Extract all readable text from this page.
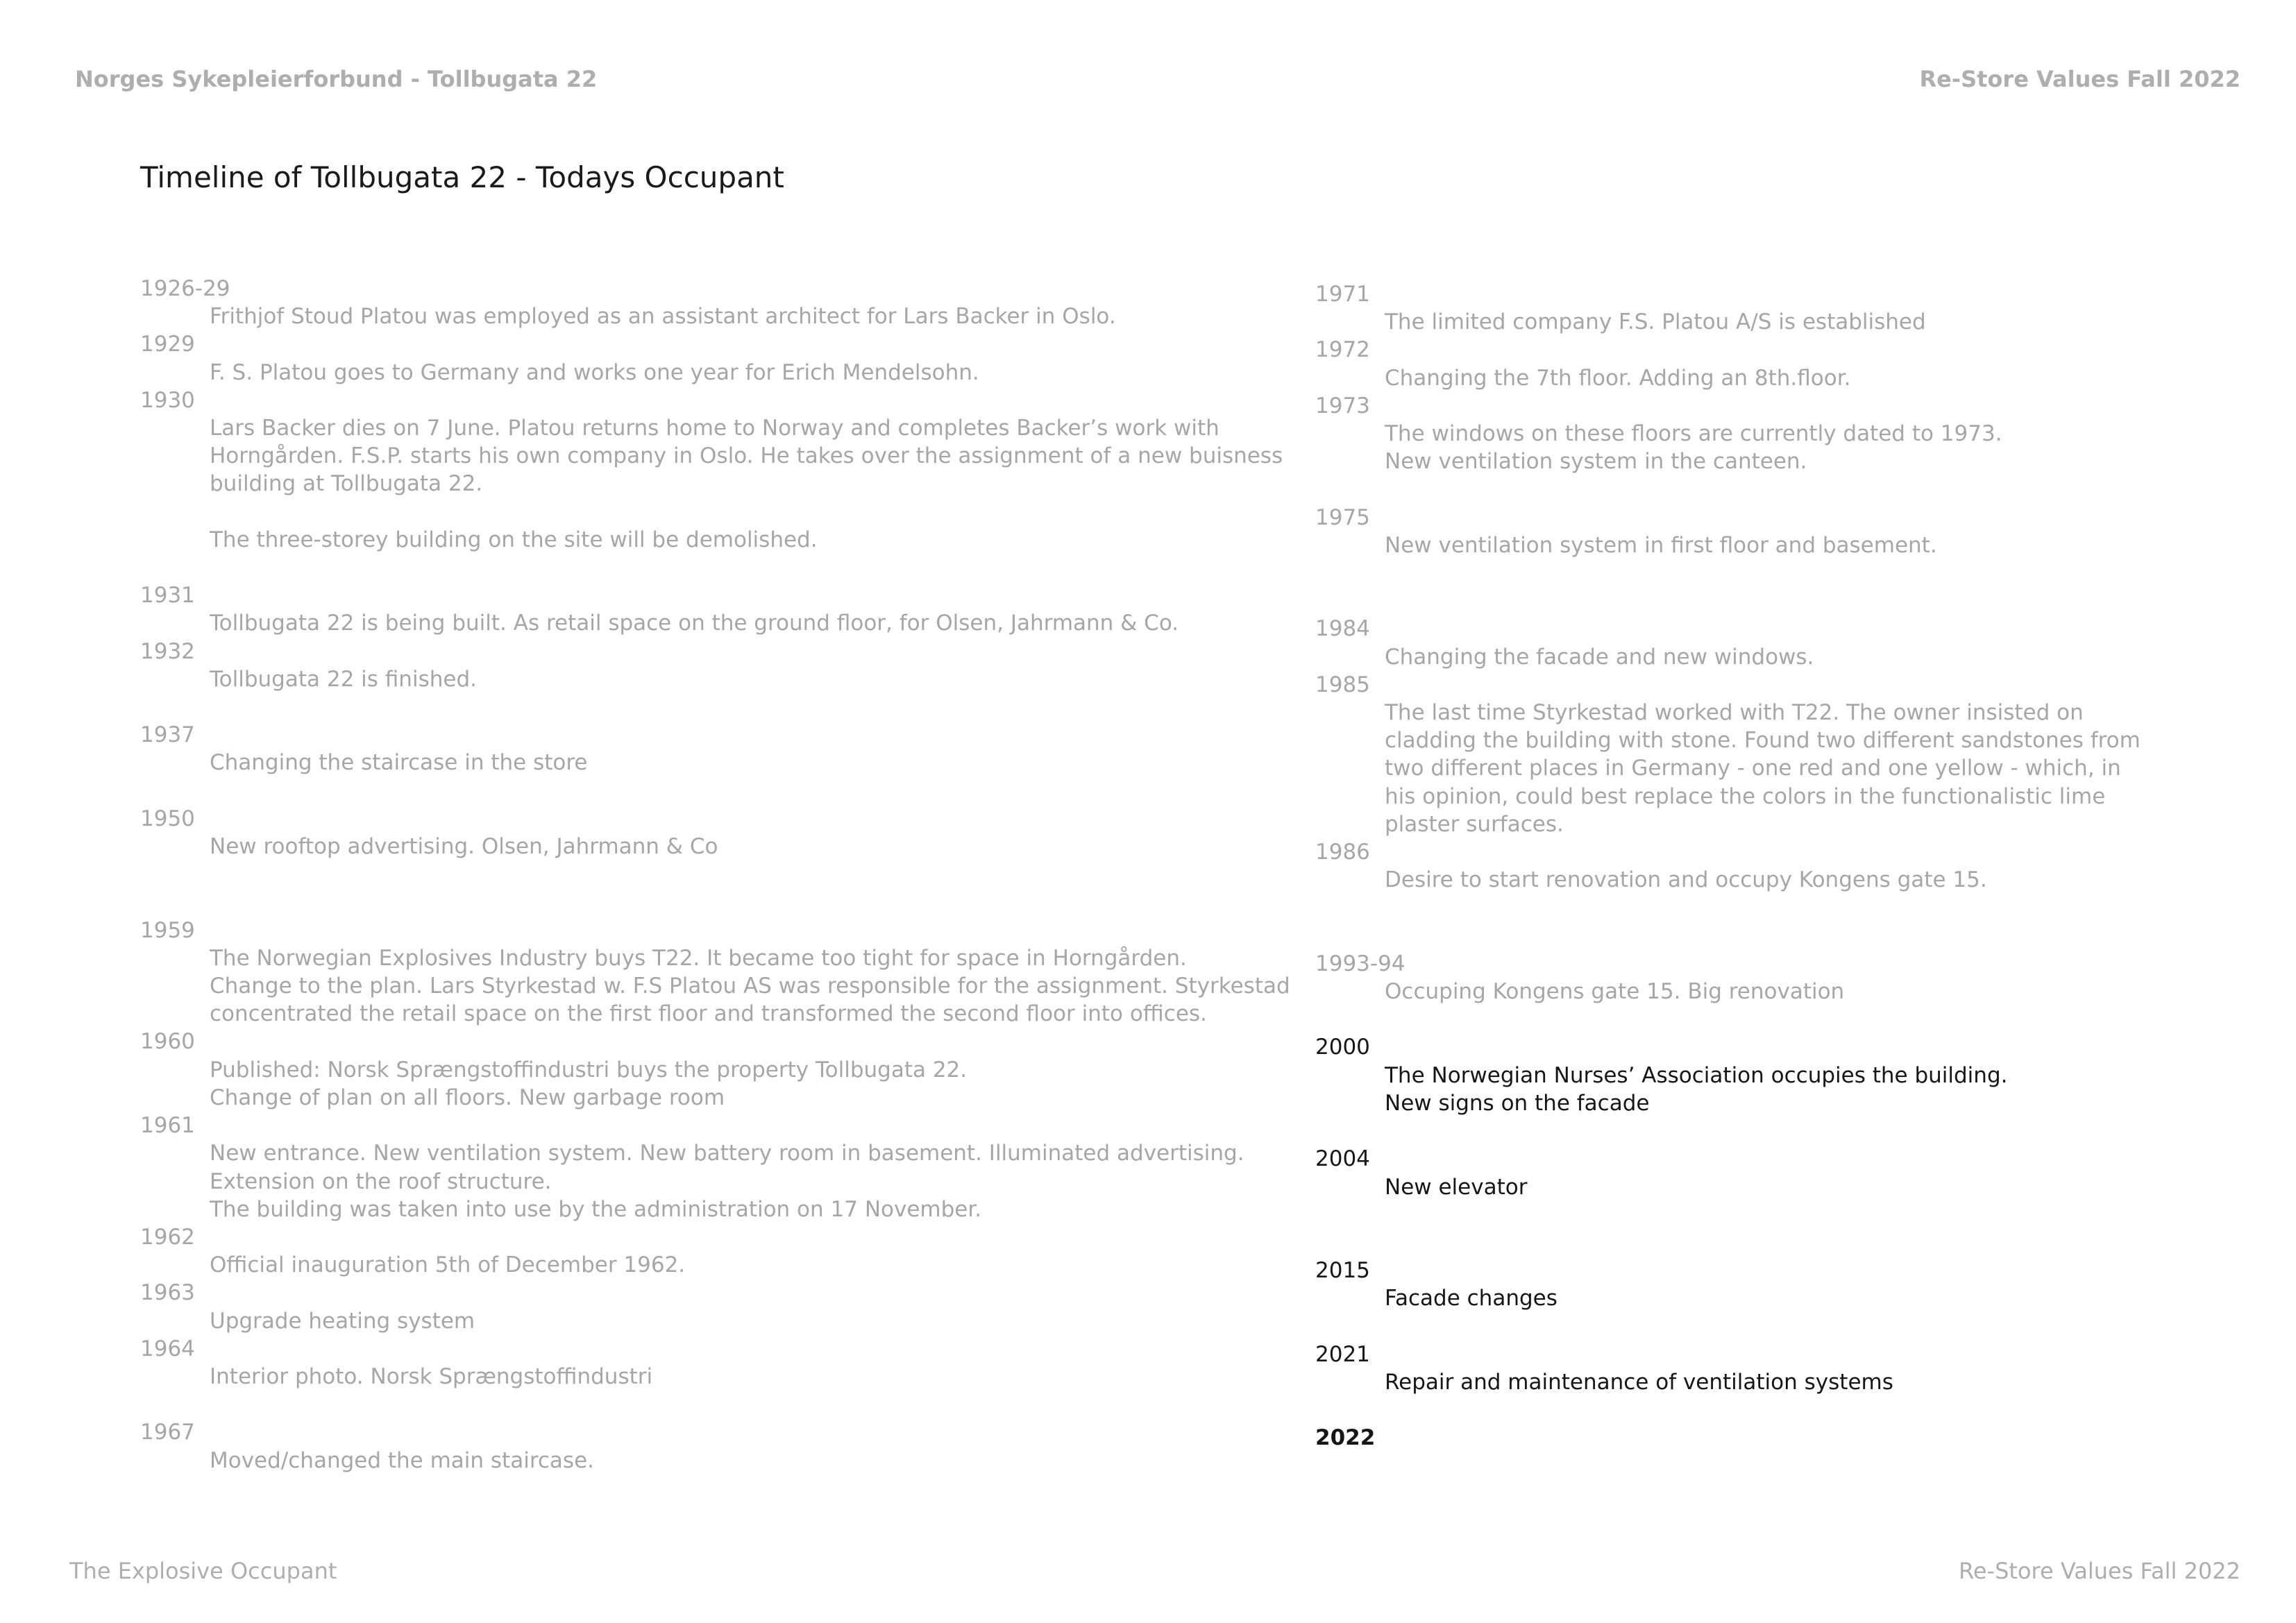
Norges Sykepleierforbund - Tollbugata 22	Re-Store Values Fall 2022
Timeline of Tollbugata 22 - Todays Occupant
1926-29
Frithjof Stoud Platou was employed as an assistant architect for Lars Backer in Oslo.
1929
F. S. Platou goes to Germany and works one year for Erich Mendelsohn.
1930
Lars Backer dies on 7 June. Platou returns home to Norway and completes Backer’s work with
Horngården. F.S.P. starts his own company in Oslo. He takes over the assignment of a new buisness
building at Tollbugata 22.

The three-storey building on the site will be demolished.

1931
Tollbugata 22 is being built. As retail space on the ground floor, for Olsen, Jahrmann & Co.
1932
Tollbugata 22 is finished.

1937
Changing the staircase in the store

1950
New rooftop advertising. Olsen, Jahrmann & Co

1959
The Norwegian Explosives Industry buys T22. It became too tight for space in Horngården.
Change to the plan. Lars Styrkestad w. F.S Platou AS was responsible for the assignment. Styrkestad
concentrated the retail space on the first floor and transformed the second floor into offices.
1960
Published: Norsk Sprængstoffindustri buys the property Tollbugata 22.
Change of plan on all floors. New garbage room
1961
New entrance. New ventilation system. New battery room in basement. Illuminated advertising.
Extension on the roof structure.
The building was taken into use by the administration on 17 November.
1962
Official inauguration 5th of December 1962.
1963
Upgrade heating system
1964
Interior photo. Norsk Sprængstoffindustri

1967
Moved/changed the main staircase.
1971
The limited company F.S. Platou A/S is established
1972
Changing the 7th floor. Adding an 8th.floor.
1973
The windows on these floors are currently dated to 1973.
New ventilation system in the canteen.

1975
New ventilation system in first floor and basement.

1984
Changing the facade and new windows.
1985
The last time Styrkestad worked with T22. The owner insisted on
cladding the building with stone. Found two different sandstones from
two different places in Germany - one red and one yellow - which, in
his opinion, could best replace the colors in the functionalistic lime
plaster surfaces.
1986
Desire to start renovation and occupy Kongens gate 15.

1993-94
Occuping Kongens gate 15. Big renovation

2000
The Norwegian Nurses’ Association occupies the building.
New signs on the facade

2004
New elevator

2015
Facade changes

2021
Repair and maintenance of ventilation systems

2022
The Explosive Occupant	Re-Store Values Fall 2022
